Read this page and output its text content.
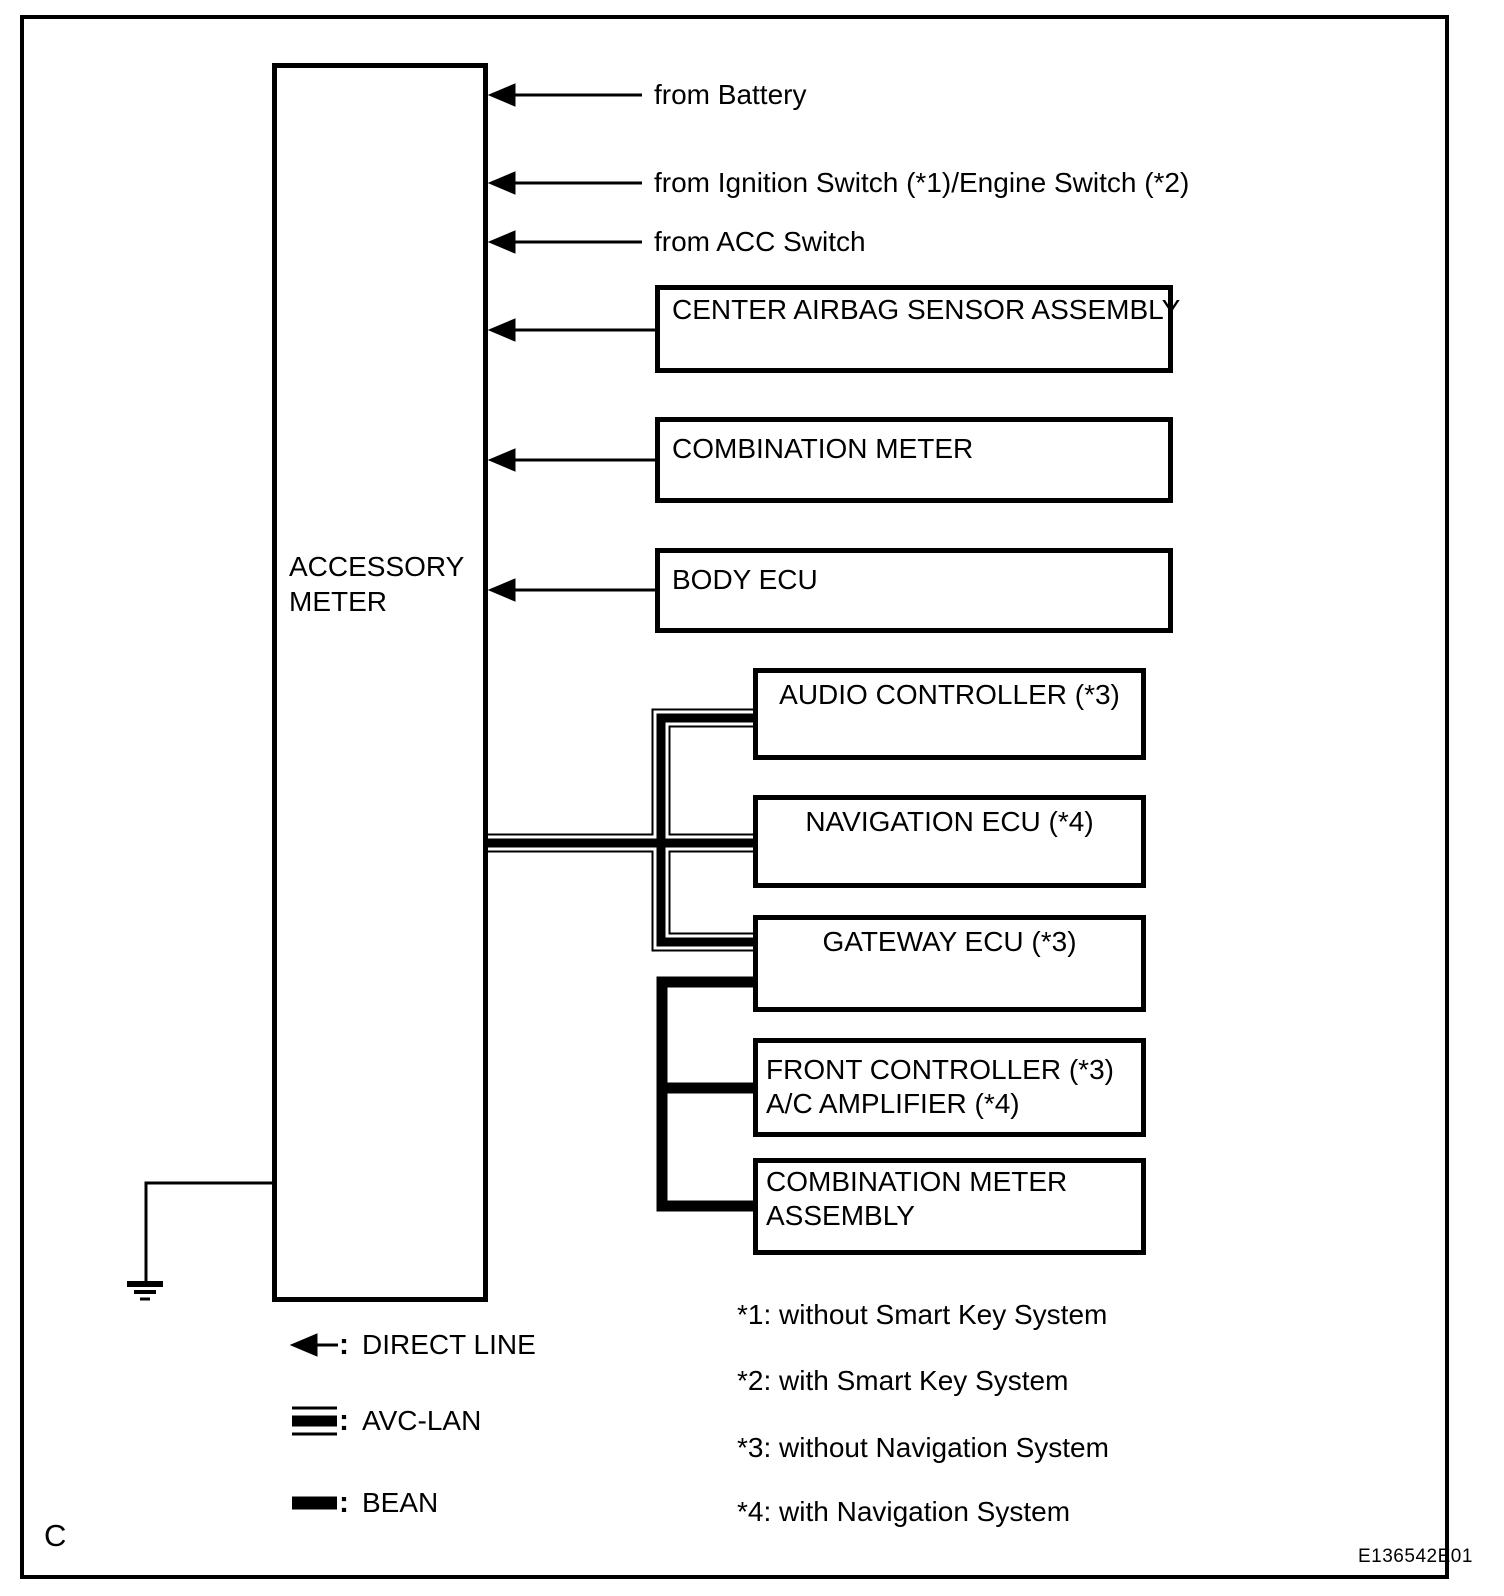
ACCESSORY
METER
from Battery
from Ignition Switch (*1)/Engine Switch (*2)
from ACC Switch
CENTER AIRBAG SENSOR ASSEMBLY
COMBINATION METER
BODY ECU
AUDIO CONTROLLER (*3)
NAVIGATION ECU (*4)
GATEWAY ECU (*3)
FRONT CONTROLLER (*3)
A/C AMPLIFIER (*4)
COMBINATION METER
ASSEMBLY
: DIRECT LINE
: AVC-LAN
: BEAN
*1: without Smart Key System
*2: with Smart Key System
*3: without Navigation System
*4: with Navigation System
C
E136542E01
